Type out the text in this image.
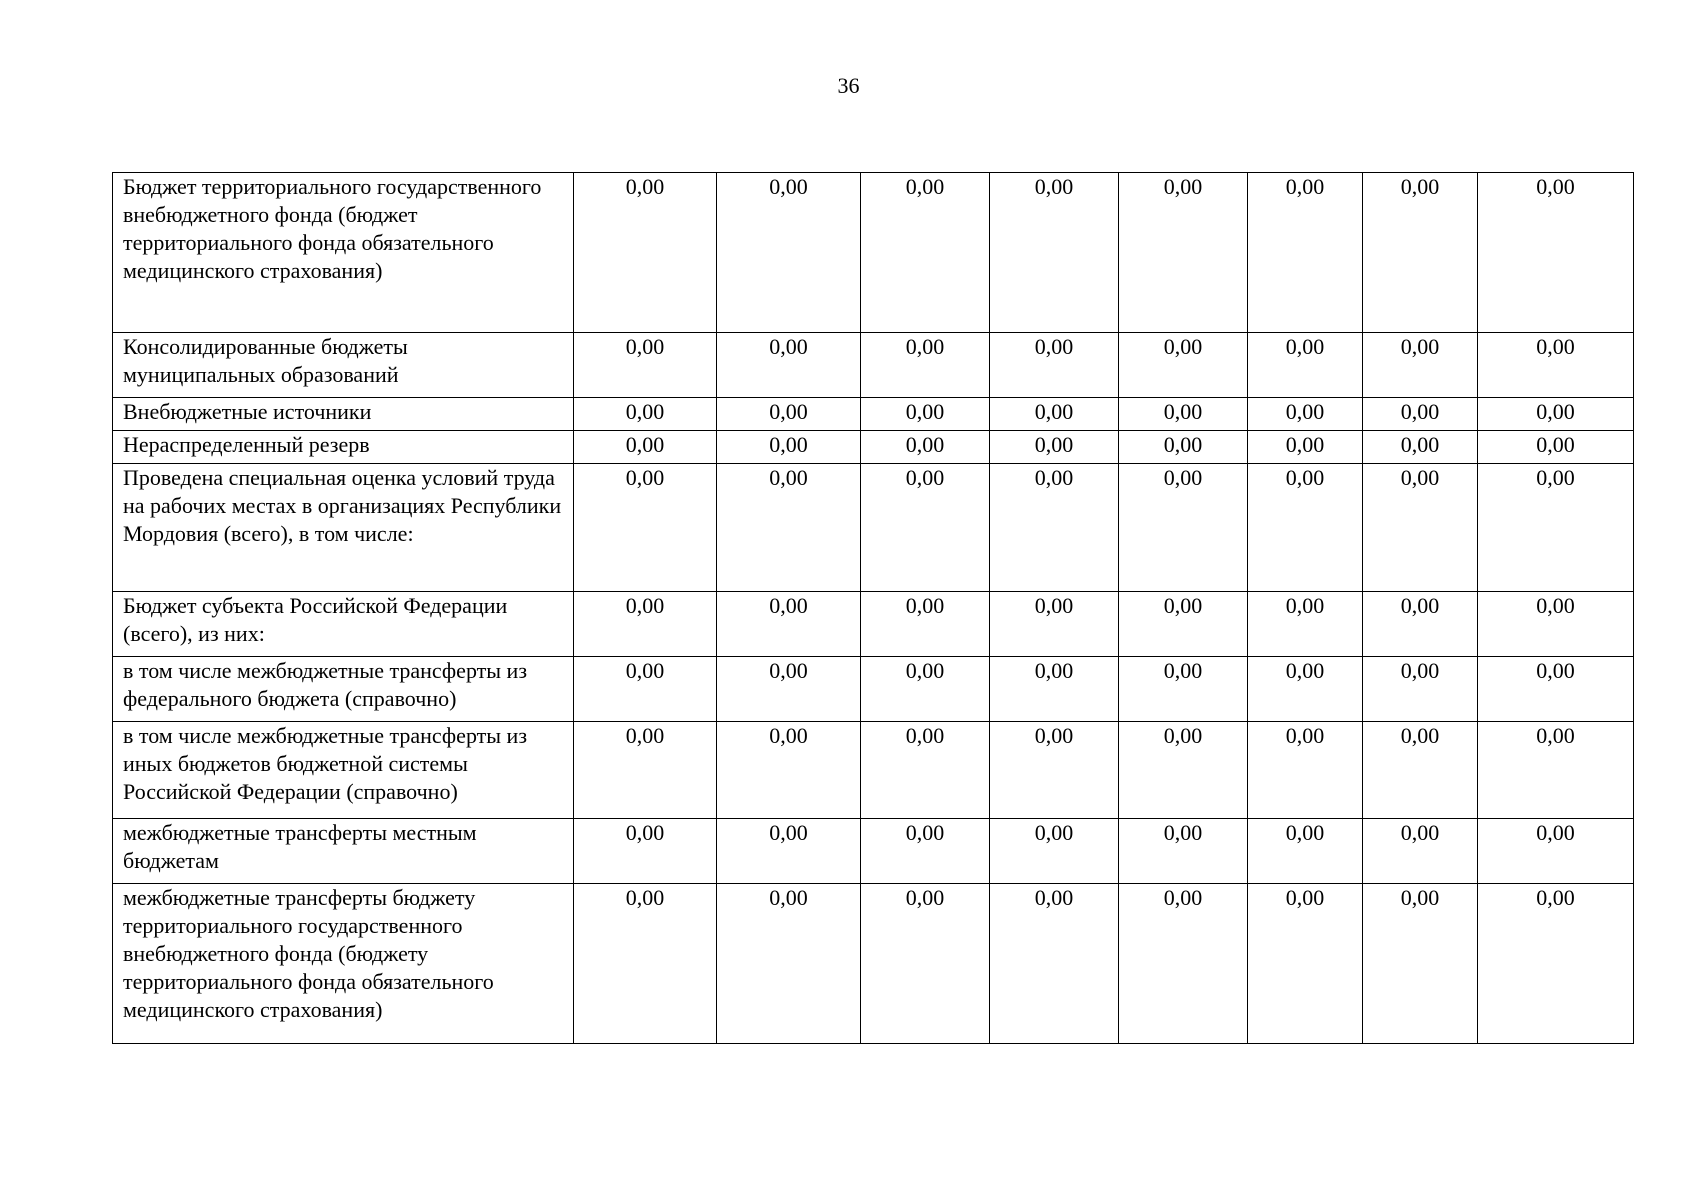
36
Бюджет территориального государственного внебюджетного фонда (бюджет территориального фонда обязательного медицинского страхования)	0,00	0,00	0,00	0,00	0,00	0,00	0,00	0,00

Консолидированные бюджеты муниципальных образований	0,00	0,00	0,00	0,00	0,00	0,00	0,00	0,00

Внебюджетные источники	0,00	0,00	0,00	0,00	0,00	0,00	0,00	0,00

Нераспределенный резерв	0,00	0,00	0,00	0,00	0,00	0,00	0,00	0,00

Проведена специальная оценка условий труда на рабочих местах в организациях Республики Мордовия (всего), в том числе:	0,00	0,00	0,00	0,00	0,00	0,00	0,00	0,00

Бюджет субъекта Российской Федерации (всего), из них:	0,00	0,00	0,00	0,00	0,00	0,00	0,00	0,00

в том числе межбюджетные трансферты из федерального бюджета (справочно)	0,00	0,00	0,00	0,00	0,00	0,00	0,00	0,00

в том числе межбюджетные трансферты из иных бюджетов бюджетной системы Российской Федерации (справочно)	0,00	0,00	0,00	0,00	0,00	0,00	0,00	0,00

межбюджетные трансферты местным бюджетам	0,00	0,00	0,00	0,00	0,00	0,00	0,00	0,00

межбюджетные трансферты бюджету территориального государственного внебюджетного фонда (бюджету территориального фонда обязательного медицинского страхования)	0,00	0,00	0,00	0,00	0,00	0,00	0,00	0,00
